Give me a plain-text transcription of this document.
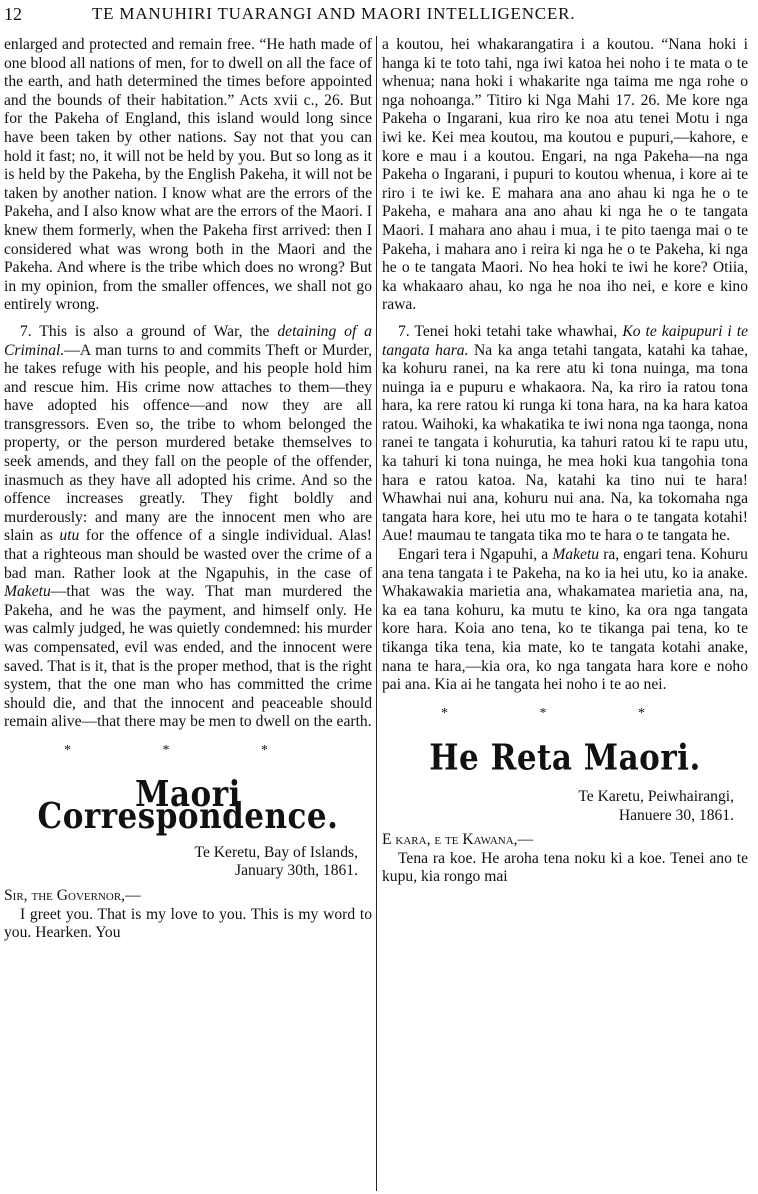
12	TE MANUHIRI TUARANGI AND MAORI INTELLIGENCER.

enlarged and protected and remain free. “He hath made of one blood all nations of men, for to dwell on all the face of the earth, and hath determined the times before appointed and the bounds of their habitation.” Acts xvii c., 26. But for the Pakeha of England, this island would long since have been taken by other nations. Say not that you can hold it fast; no, it will not be held by you. But so long as it is held by the Pakeha, by the English Pakeha, it will not be taken by another nation. I know what are the errors of the Pakeha, and I also know what are the errors of the Maori. I knew them formerly, when the Pakeha first arrived: then I considered what was wrong both in the Maori and the Pakeha. And where is the tribe which does no wrong? But in my opinion, from the smaller offences, we shall not go entirely wrong.

7. This is also a ground of War, the detaining of a Criminal.—A man turns to and commits Theft or Murder, he takes refuge with his people, and his people hold him and rescue him. His crime now attaches to them—they have adopted his offence—and now they are all transgressors. Even so, the tribe to whom belonged the property, or the person murdered betake themselves to seek amends, and they fall on the people of the offender, inasmuch as they have all adopted his crime. And so the offence increases greatly. They fight boldly and murderously: and many are the innocent men who are slain as utu for the offence of a single individual. Alas! that a righteous man should be wasted over the crime of a bad man. Rather look at the Ngapuhis, in the case of Maketu—that was the way. That man murdered the Pakeha, and he was the payment, and himself only. He was calmly judged, he was quietly condemned: his murder was compensated, evil was ended, and the innocent were saved. That is it, that is the proper method, that is the right system, that the one man who has committed the crime should die, and that the innocent and peaceable should remain alive—that there may be men to dwell on the earth.

* * *
Maori Correspondence.
Te Keretu, Bay of Islands,
January 30th, 1861.
Sir, the Governor,—

I greet you. That is my love to you. This is my word to you. Hearken. You

a koutou, hei whakarangatira i a koutou. “Nana hoki i hanga ki te toto tahi, nga iwi katoa hei noho i te mata o te whenua; nana hoki i whakarite nga taima me nga rohe o nga nohoanga.” Titiro ki Nga Mahi 17. 26. Me kore nga Pakeha o Ingarani, kua riro ke noa atu tenei Motu i nga iwi ke. Kei mea koutou, ma koutou e pupuri,—kahore, e kore e mau i a koutou. Engari, na nga Pakeha—na nga Pakeha o Ingarani, i pupuri to koutou whenua, i kore ai te riro i te iwi ke. E mahara ana ano ahau ki nga he o te Pakeha, e mahara ana ano ahau ki nga he o te tangata Maori. I mahara ano ahau i mua, i te pito taenga mai o te Pakeha, i mahara ano i reira ki nga he o te Pakeha, ki nga he o te tangata Maori. No hea hoki te iwi he kore? Otiia, ka whakaaro ahau, ko nga he noa iho nei, e kore e kino rawa.

7. Tenei hoki tetahi take whawhai, Ko te kaipupuri i te tangata hara. Na ka anga tetahi tangata, katahi ka tahae, ka kohuru ranei, na ka rere atu ki tona nuinga, ma tona nuinga ia e pupuru e whakaora. Na, ka riro ia ratou tona hara, ka rere ratou ki runga ki tona hara, na ka hara katoa ratou. Waihoki, ka whakatika te iwi nona nga taonga, nona ranei te tangata i kohurutia, ka tahuri ratou ki te rapu utu, ka tahuri ki tona nuinga, he mea hoki kua tangohia tona hara e ratou katoa. Na, katahi ka tino nui te hara! Whawhai nui ana, kohuru nui ana. Na, ka tokomaha nga tangata hara kore, hei utu mo te hara o te tangata kotahi! Aue! maumau te tangata tika mo te hara o te tangata he.

Engari tera i Ngapuhi, a Maketu ra, engari tena. Kohuru ana tena tangata i te Pakeha, na ko ia hei utu, ko ia anake. Whakawakia marietia ana, whakamatea marietia ana, na, ka ea tana kohuru, ka mutu te kino, ka ora nga tangata kore hara. Koia ano tena, ko te tikanga pai tena, ko te tikanga tika tena, kia mate, ko te tangata kotahi anake, nana te hara,—kia ora, ko nga tangata hara kore e noho pai ana. Kia ai he tangata hei noho i te ao nei.

* * *
He Reta Maori.
Te Karetu, Peiwhairangi,
Hanuere 30, 1861.
E kara, e te Kawana,—

Tena ra koe. He aroha tena noku ki a koe. Tenei ano te kupu, kia rongo mai
